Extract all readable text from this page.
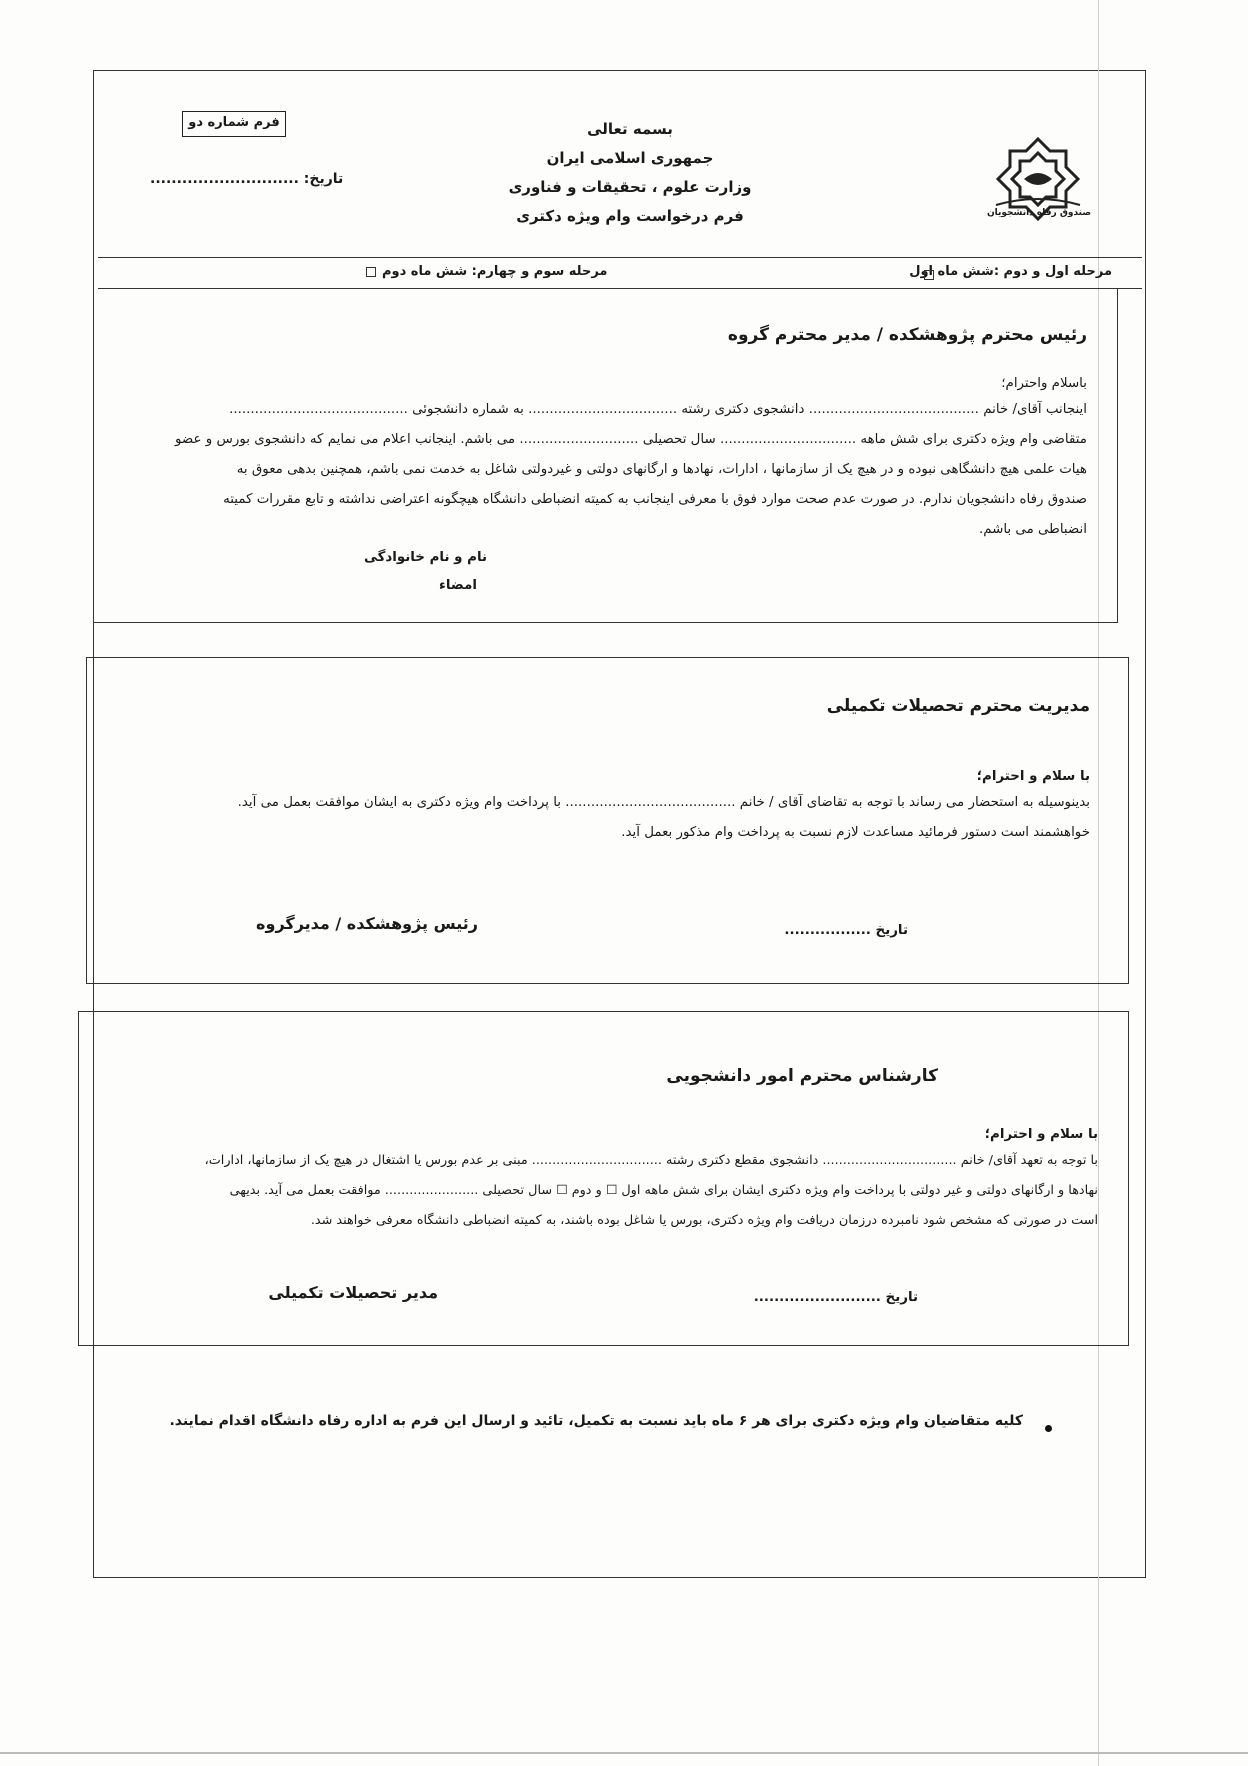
فرم شماره دو
تاریخ: ............................
بسمه تعالی
جمهوری اسلامی ایران
وزارت علوم ، تحقیقات و فناوری
فرم درخواست وام ویژه دکتری	صندوق رفاه دانشجویان
مرحله اول و دوم :شش ماه اول
مرحله سوم و چهارم: شش ماه دوم
رئیس محترم پژوهشکده / مدیر محترم گروه
باسلام واحترام؛
اینجانب آقای/ خانم ........................................ دانشجوی دکتری رشته ................................... به شماره دانشجوئی ..........................................
متقاضی وام ویژه دکتری برای شش ماهه ................................ سال تحصیلی ............................ می باشم. اینجانب اعلام می نمایم که دانشجوی بورس و عضو
هیات علمی هیچ دانشگاهی نبوده و در هیچ یک از سازمانها ، ادارات، نهادها و ارگانهای دولتی و غیردولتی شاغل به خدمت نمی باشم، همچنین بدهی معوق به
صندوق رفاه دانشجویان ندارم. در صورت عدم صحت موارد فوق با معرفی اینجانب به کمیته انضباطی دانشگاه هیچگونه اعتراضی نداشته و تابع مقررات کمیته
انضباطی می باشم.
نام و نام خانوادگی
امضاء
مدیریت محترم تحصیلات تکمیلی
با سلام و احترام؛
بدینوسیله به استحضار می رساند با توجه به تقاضای آقای / خانم ........................................ با پرداخت وام ویژه دکتری به ایشان موافقت بعمل می آید.
خواهشمند است دستور فرمائید مساعدت لازم نسبت به پرداخت وام مذکور بعمل آید.
تاریخ .................
رئیس پژوهشکده / مدیرگروه
کارشناس محترم امور دانشجویی
با سلام و احترام؛
با توجه به تعهد آقای/ خانم ................................. دانشجوی مقطع دکتری رشته ................................ مبنی بر عدم بورس یا اشتغال در هیچ یک از سازمانها، ادارات،
نهادها و ارگانهای دولتی و غیر دولتی با پرداخت وام ویژه دکتری ایشان برای شش ماهه اول ☐ و دوم ☐ سال تحصیلی ....................... موافقت بعمل می آید. بدیهی
است در صورتی که مشخص شود نامبرده درزمان دریافت وام ویژه دکتری، بورس یا شاغل بوده باشند، به کمیته انضباطی دانشگاه معرفی خواهند شد.
تاریخ .........................
مدیر تحصیلات تکمیلی
کلیه متقاضیان وام ویژه دکتری برای هر ۶ ماه باید نسبت به تکمیل، تائید و ارسال این فرم به اداره رفاه دانشگاه اقدام نمایند.
